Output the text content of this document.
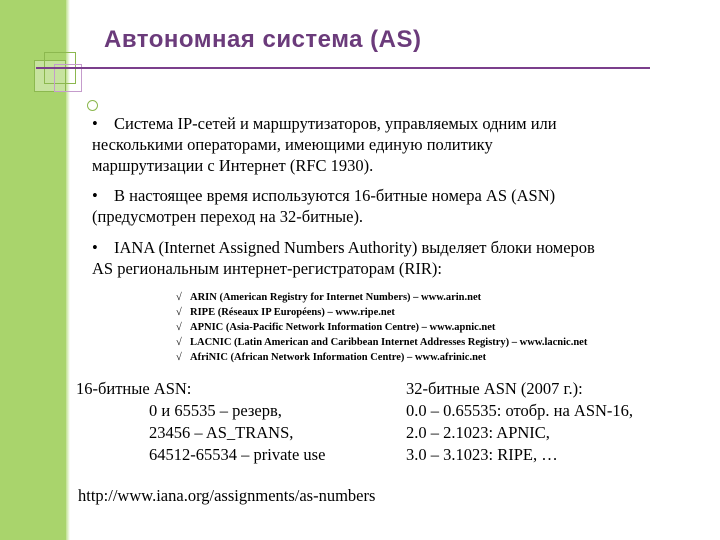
Автономная система (AS)
• Система IP-сетей и маршрутизаторов, управляемых одним или
несколькими операторами, имеющими единую политику
маршрутизации с Интернет (RFC 1930).
• В настоящее время используются 16-битные номера AS (ASN)
(предусмотрен переход на 32-битные).
• IANA (Internet Assigned Numbers Authority) выделяет блоки номеров
AS региональным интернет-регистраторам (RIR):
√ ARIN (American Registry for Internet Numbers) – www.arin.net
√ RIPE (Réseaux IP Européens) – www.ripe.net
√ APNIC (Asia-Pacific Network Information Centre) – www.apnic.net
√ LACNIC (Latin American and Caribbean Internet Addresses Registry) – www.lacnic.net
√ AfriNIC (African Network Information Centre) – www.afrinic.net
16-битные ASN:
0 и 65535 – резерв,
23456 – AS_TRANS,
64512-65534 – private use
32-битные ASN (2007 г.):
0.0 – 0.65535: отобр. на ASN-16,
2.0 – 2.1023: APNIC,
3.0 – 3.1023: RIPE, …
http://www.iana.org/assignments/as-numbers
